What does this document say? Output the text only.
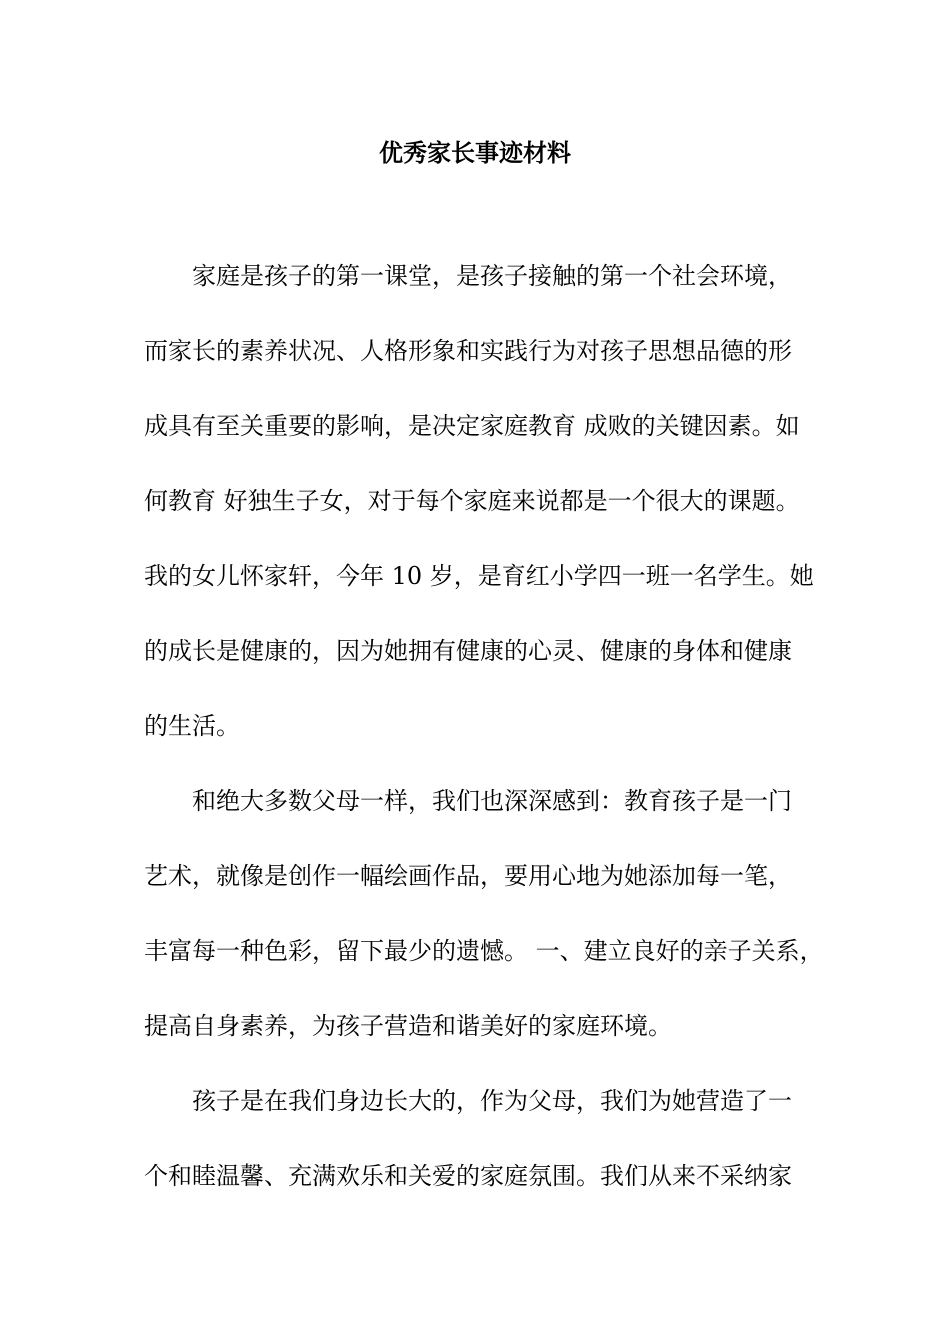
优秀家长事迹材料

家庭是孩子的第一课堂，是孩子接触的第一个社会环境，

而家长的素养状况、人格形象和实践行为对孩子思想品德的形

成具有至关重要的影响，是决定家庭教育 成败的关键因素。如

何教育 好独生子女，对于每个家庭来说都是一个很大的课题。

我的女儿怀家轩，今年 10 岁，是育红小学四一班一名学生。她

的成长是健康的，因为她拥有健康的心灵、健康的身体和健康

的生活。

和绝大多数父母一样，我们也深深感到：教育孩子是一门

艺术，就像是创作一幅绘画作品，要用心地为她添加每一笔，

丰富每一种色彩，留下最少的遗憾。 一、建立良好的亲子关系，

提高自身素养，为孩子营造和谐美好的家庭环境。

孩子是在我们身边长大的，作为父母，我们为她营造了一

个和睦温馨、充满欢乐和关爱的家庭氛围。我们从来不采纳家
